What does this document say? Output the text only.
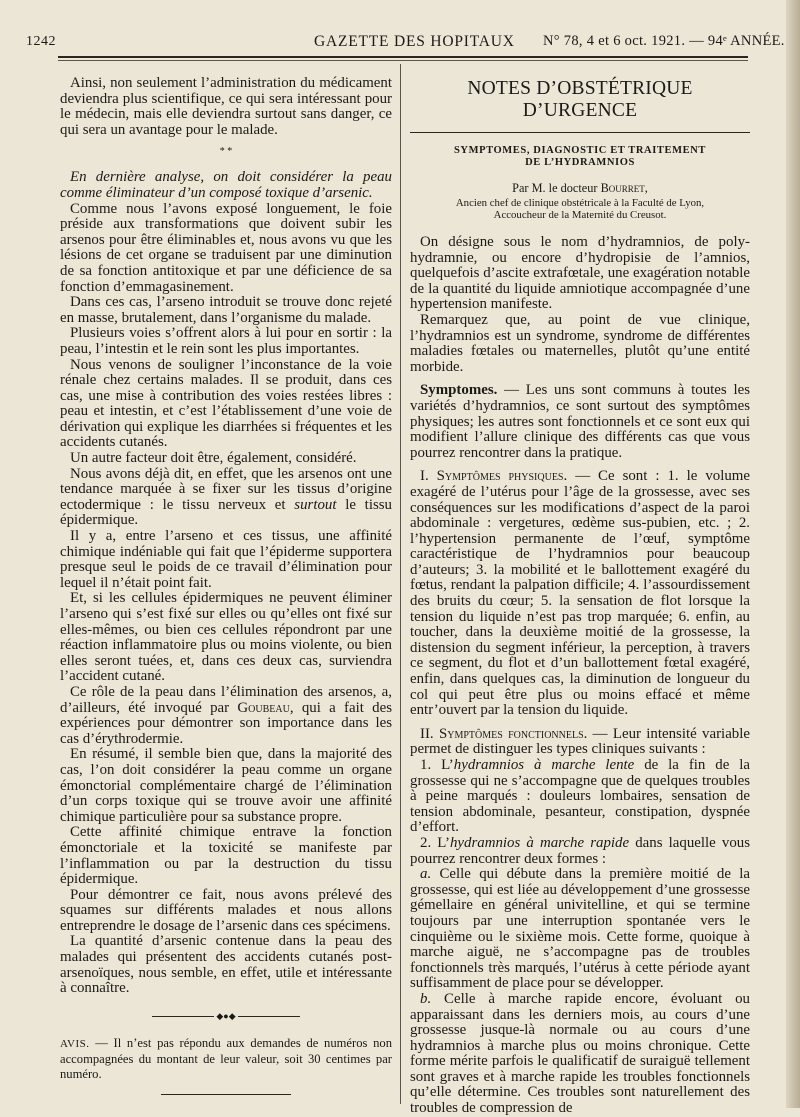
1242	GAZETTE DES HOPITAUX N° 78, 4 et 6 oct. 1921. — 94ᵉ ANNÉE.

Ainsi, non seulement l’administration du médicament deviendra plus scientifique, ce qui sera intéressant pour le médecin, mais elle deviendra surtout sans danger, ce qui sera un avantage pour le malade.

* *

En dernière analyse, on doit considérer la peau comme éliminateur d’un composé toxique d’arsenic.

Comme nous l’avons exposé longuement, le foie préside aux transformations que doivent subir les arsenos pour être éliminables et, nous avons vu que les lésions de cet organe se traduisent par une diminution de sa fonction antitoxique et par une déficience de sa fonction d’emmagasinement.

Dans ces cas, l’arseno introduit se trouve donc rejeté en masse, brutalement, dans l’organisme du malade.

Plusieurs voies s’offrent alors à lui pour en sortir : la peau, l’intestin et le rein sont les plus importantes.

Nous venons de souligner l’inconstance de la voie rénale chez certains malades. Il se produit, dans ces cas, une mise à contribution des voies restées libres : peau et intestin, et c’est l’établissement d’une voie de dérivation qui explique les diarrhées si fréquentes et les accidents cutanés.

Un autre facteur doit être, également, considéré.

Nous avons déjà dit, en effet, que les arsenos ont une tendance marquée à se fixer sur les tissus d’origine ectodermique : le tissu nerveux et surtout le tissu épidermique.

Il y a, entre l’arseno et ces tissus, une affinité chimique indéniable qui fait que l’épiderme supportera presque seul le poids de ce travail d’élimination pour lequel il n’était point fait.

Et, si les cellules épidermiques ne peuvent éliminer l’arseno qui s’est fixé sur elles ou qu’elles ont fixé sur elles-mêmes, ou bien ces cellules répondront par une réaction inflammatoire plus ou moins violente, ou bien elles seront tuées, et, dans ces deux cas, surviendra l’accident cutané.

Ce rôle de la peau dans l’élimination des arsenos, a, d’ailleurs, été invoqué par Goubeau, qui a fait des expériences pour démontrer son importance dans les cas d’érythrodermie.

En résumé, il semble bien que, dans la majorité des cas, l’on doit considérer la peau comme un organe émonctorial complémentaire chargé de l’élimination d’un corps toxique qui se trouve avoir une affinité chimique particulière pour sa substance propre.

Cette affinité chimique entrave la fonction émonctoriale et la toxicité se manifeste par l’inflammation ou par la destruction du tissu épidermique.

Pour démontrer ce fait, nous avons prélevé des squames sur différents malades et nous allons entreprendre le dosage de l’arsenic dans ces spécimens.

La quantité d’arsenic contenue dans la peau des malades qui présentent des accidents cutanés post-arsenoïques, nous semble, en effet, utile et intéressante à connaître.

◆●◆

AVIS. — Il n’est pas répondu aux demandes de numéros non accompagnées du montant de leur valeur, soit 30 centimes par numéro.

NOTES D’OBSTÉTRIQUE D’URGENCE
SYMPTOMES, DIAGNOSTIC ET TRAITEMENT
DE L’HYDRAMNIOS
Par M. le docteur Bourret,
Ancien chef de clinique obstétricale à la Faculté de Lyon,
Accoucheur de la Maternité du Creusot.

On désigne sous le nom d’hydramnios, de poly-hydramnie, ou encore d’hydropisie de l’amnios, quelquefois d’ascite extrafœtale, une exagération notable de la quantité du liquide amniotique accompagnée d’une hypertension manifeste.

Remarquez que, au point de vue clinique, l’hydramnios est un syndrome, syndrome de différentes maladies fœtales ou maternelles, plutôt qu’une entité morbide.

Symptomes. — Les uns sont communs à toutes les variétés d’hydramnios, ce sont surtout des symptômes physiques; les autres sont fonctionnels et ce sont eux qui modifient l’allure clinique des différents cas que vous pourrez rencontrer dans la pratique.

I. Symptômes physiques. — Ce sont : 1. le volume exagéré de l’utérus pour l’âge de la grossesse, avec ses conséquences sur les modifications d’aspect de la paroi abdominale : vergetures, œdème sus-pubien, etc. ; 2. l’hypertension permanente de l’œuf, symptôme caractéristique de l’hydramnios pour beaucoup d’auteurs; 3. la mobilité et le ballottement exagéré du fœtus, rendant la palpation difficile; 4. l’assourdissement des bruits du cœur; 5. la sensation de flot lorsque la tension du liquide n’est pas trop marquée; 6. enfin, au toucher, dans la deuxième moitié de la grossesse, la distension du segment inférieur, la perception, à travers ce segment, du flot et d’un ballottement fœtal exagéré, enfin, dans quelques cas, la diminution de longueur du col qui peut être plus ou moins effacé et même entr’ouvert par la tension du liquide.

II. Symptômes fonctionnels. — Leur intensité variable permet de distinguer les types cliniques suivants :

1. L’hydramnios à marche lente de la fin de la grossesse qui ne s’accompagne que de quelques troubles à peine marqués : douleurs lombaires, sensation de tension abdominale, pesanteur, constipation, dyspnée d’effort.

2. L’hydramnios à marche rapide dans laquelle vous pourrez rencontrer deux formes :

a. Celle qui débute dans la première moitié de la grossesse, qui est liée au développement d’une grossesse gémellaire en général univitelline, et qui se termine toujours par une interruption spontanée vers le cinquième ou le sixième mois. Cette forme, quoique à marche aiguë, ne s’accompagne pas de troubles fonctionnels très marqués, l’utérus à cette période ayant suffisamment de place pour se développer.

b. Celle à marche rapide encore, évoluant ou apparaissant dans les derniers mois, au cours d’une grossesse jusque-là normale ou au cours d’une hydramnios à marche plus ou moins chronique. Cette forme mérite parfois le qualificatif de suraiguë tellement sont graves et à marche rapide les troubles fonctionnels qu’elle détermine. Ces troubles sont naturellement des troubles de compression de
